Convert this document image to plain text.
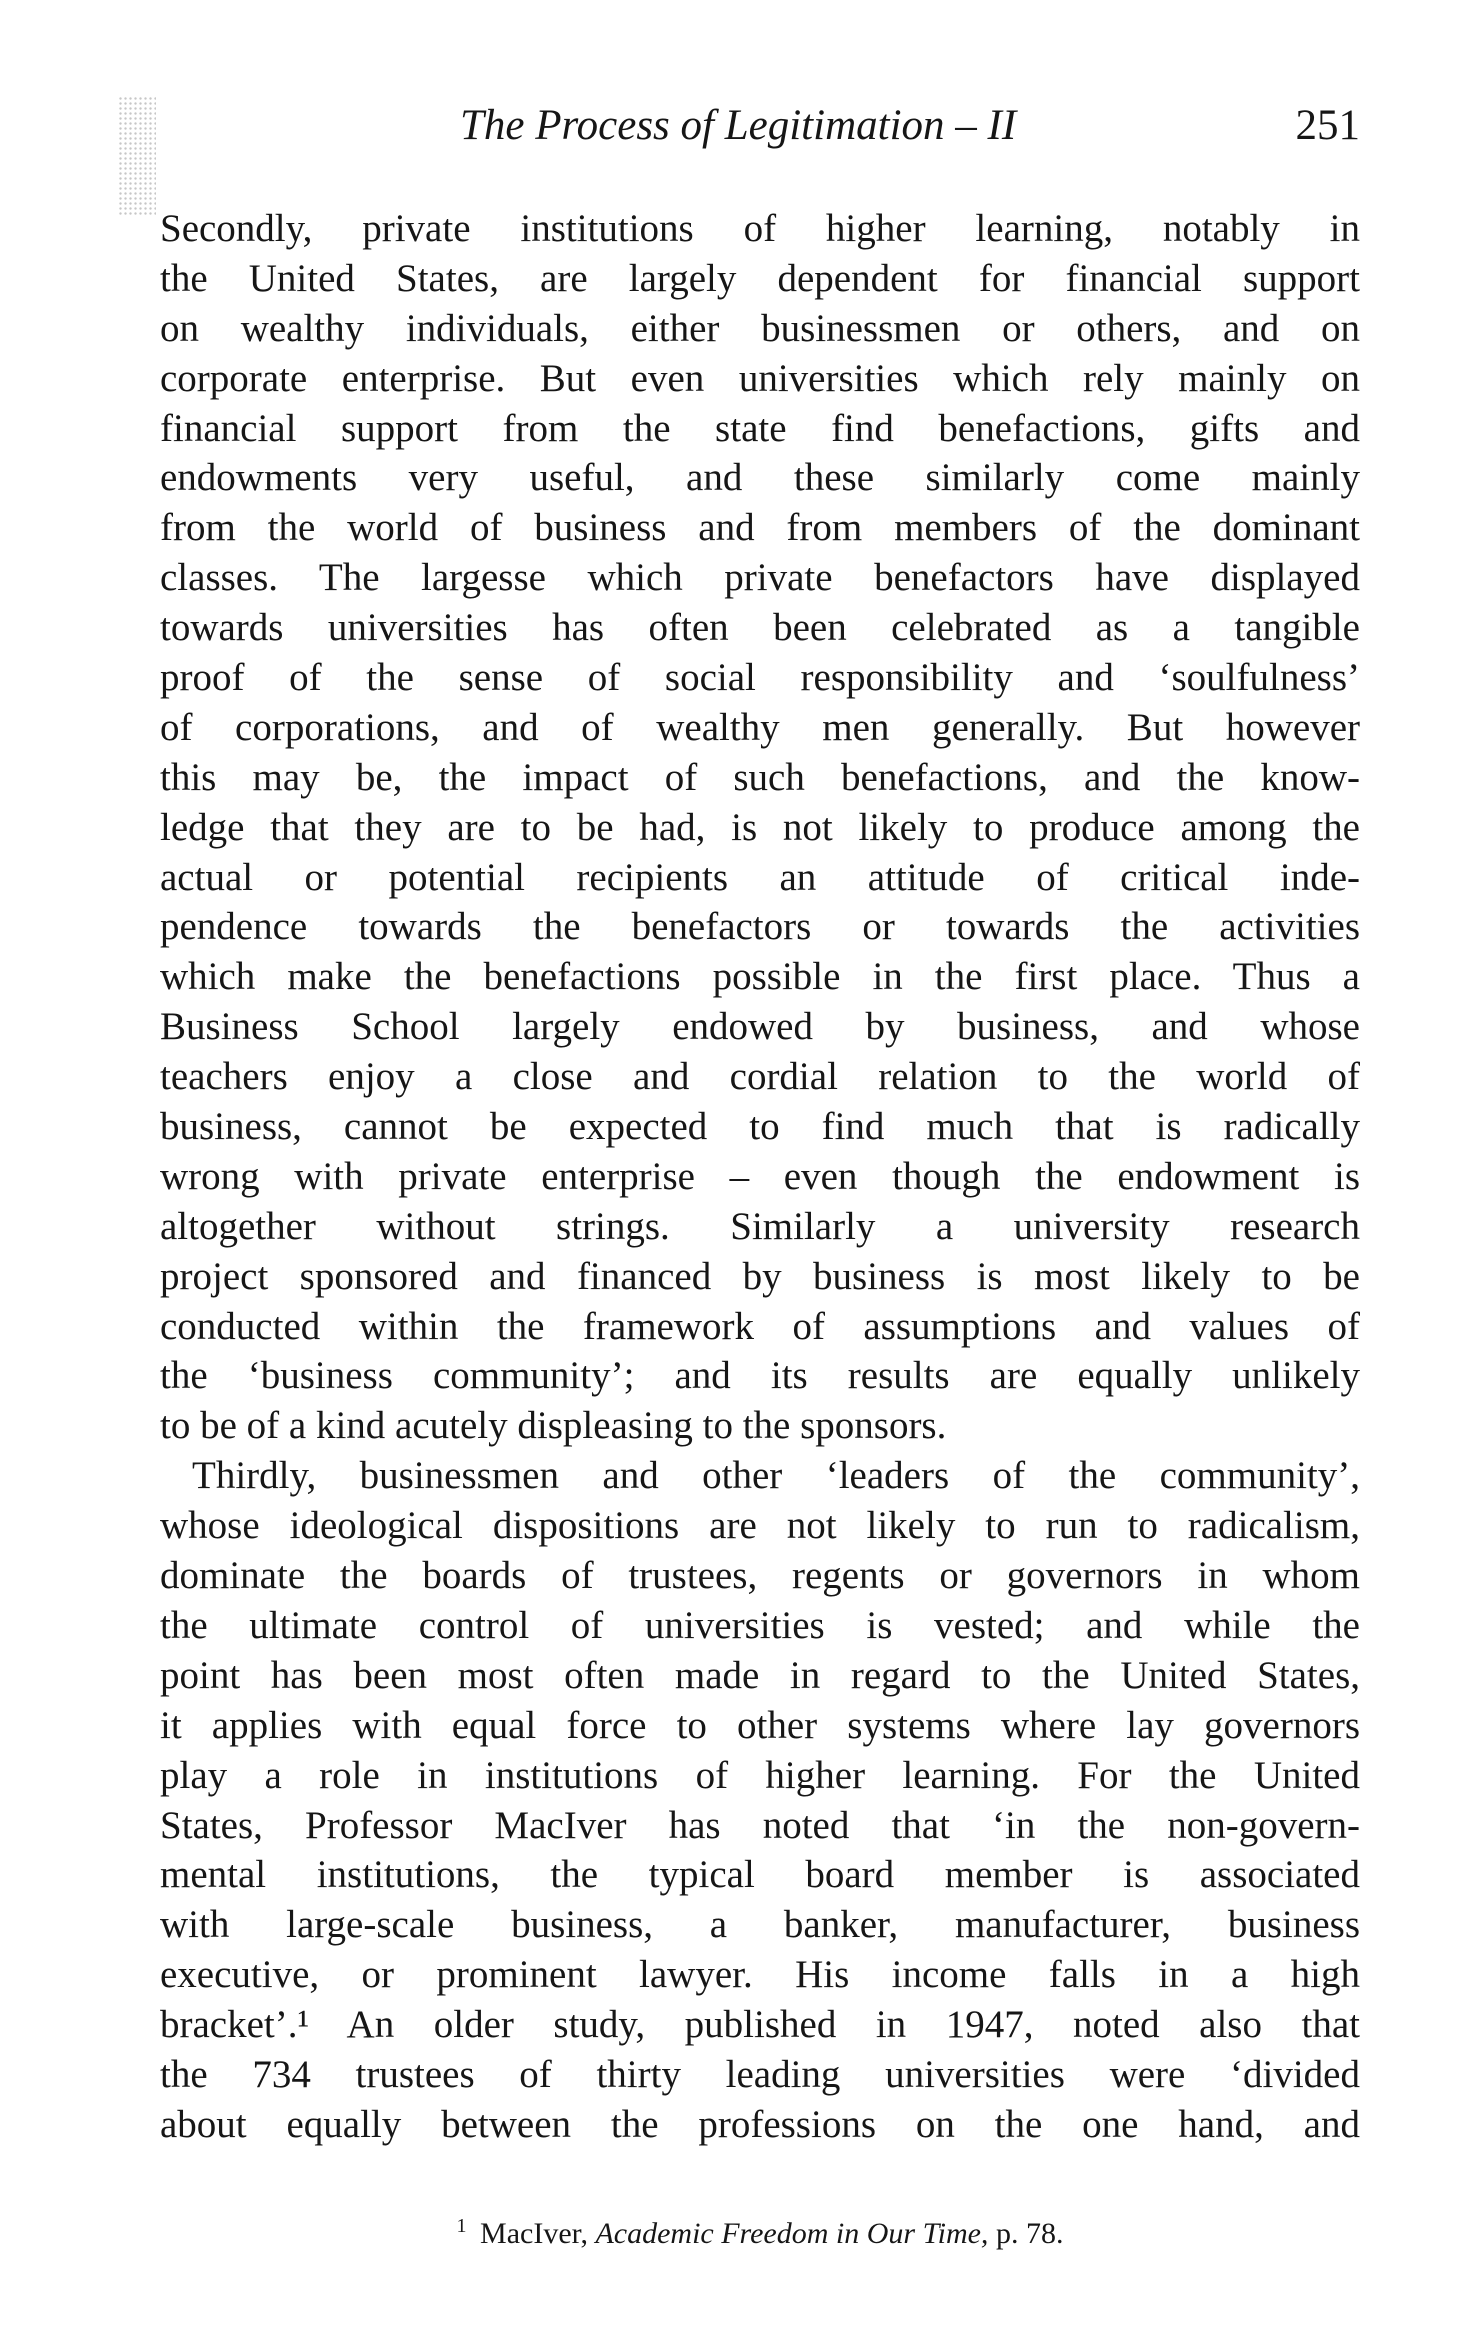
The Process of Legitimation – II	251
Secondly, private institutions of higher learning, notably in
the United States, are largely dependent for financial support
on wealthy individuals, either businessmen or others, and on
corporate enterprise. But even universities which rely mainly on
financial support from the state find benefactions, gifts and
endowments very useful, and these similarly come mainly
from the world of business and from members of the dominant
classes. The largesse which private benefactors have displayed
towards universities has often been celebrated as a tangible
proof of the sense of social responsibility and ‘soulfulness’
of corporations, and of wealthy men generally. But however
this may be, the impact of such benefactions, and the know-
ledge that they are to be had, is not likely to produce among the
actual or potential recipients an attitude of critical inde-
pendence towards the benefactors or towards the activities
which make the benefactions possible in the first place. Thus a
Business School largely endowed by business, and whose
teachers enjoy a close and cordial relation to the world of
business, cannot be expected to find much that is radically
wrong with private enterprise – even though the endowment is
altogether without strings. Similarly a university research
project sponsored and financed by business is most likely to be
conducted within the framework of assumptions and values of
the ‘business community’; and its results are equally unlikely
to be of a kind acutely displeasing to the sponsors.
Thirdly, businessmen and other ‘leaders of the community’,
whose ideological dispositions are not likely to run to radicalism,
dominate the boards of trustees, regents or governors in whom
the ultimate control of universities is vested; and while the
point has been most often made in regard to the United States,
it applies with equal force to other systems where lay governors
play a role in institutions of higher learning. For the United
States, Professor MacIver has noted that ‘in the non-govern-
mental institutions, the typical board member is associated
with large-scale business, a banker, manufacturer, business
executive, or prominent lawyer. His income falls in a high
bracket’.¹ An older study, published in 1947, noted also that
the 734 trustees of thirty leading universities were ‘divided
about equally between the professions on the one hand, and
$^1$ MacIver, Academic Freedom in Our Time, p. 78.
